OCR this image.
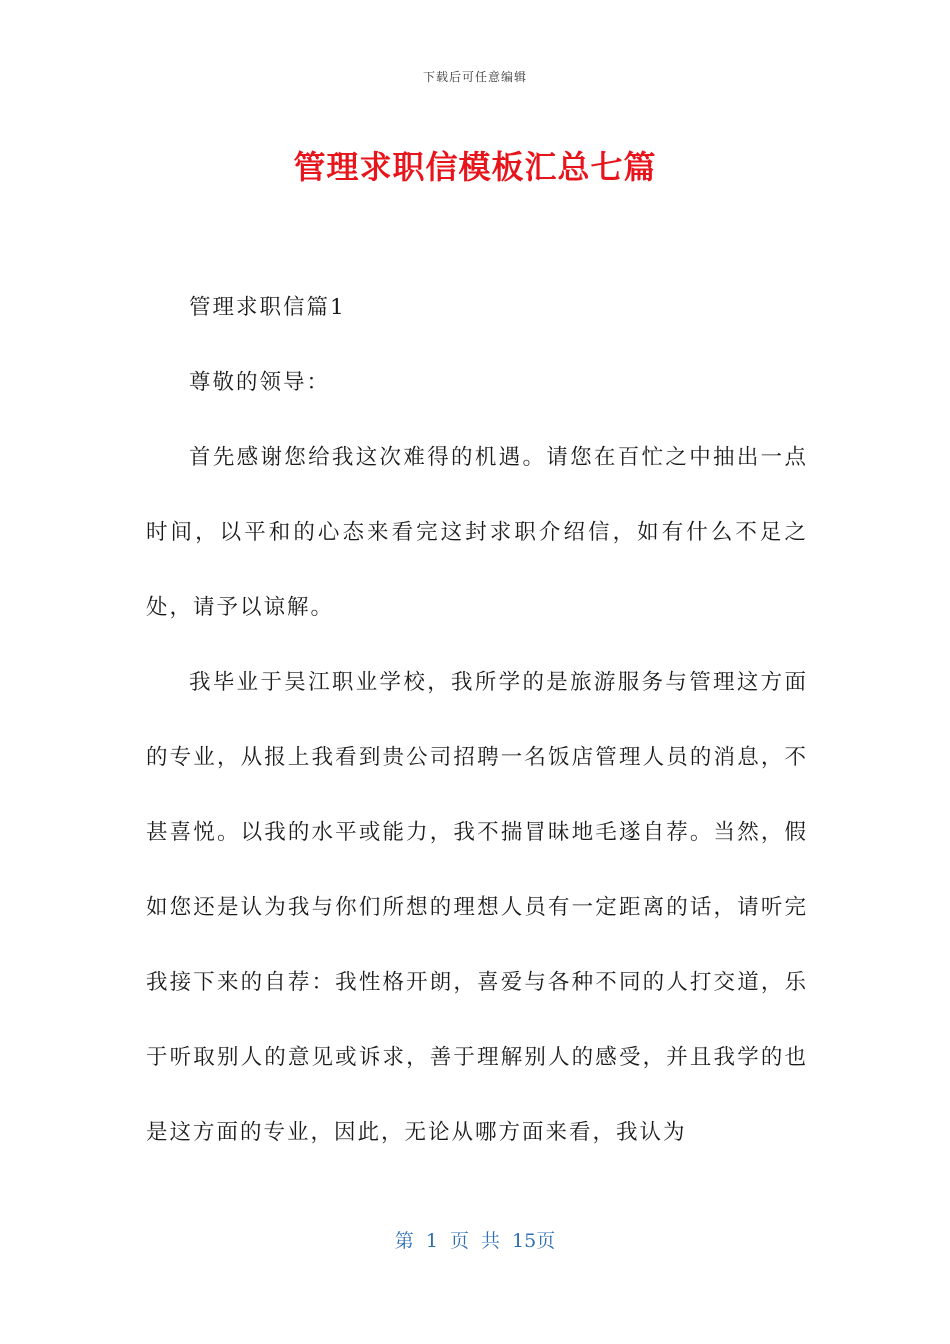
下载后可任意编辑
管理求职信模板汇总七篇

管理求职信篇1

尊敬的领导：

首先感谢您给我这次难得的机遇。请您在百忙之中抽出一点时间，以平和的心态来看完这封求职介绍信，如有什么不足之处，请予以谅解。

我毕业于吴江职业学校，我所学的是旅游服务与管理这方面的专业，从报上我看到贵公司招聘一名饭店管理人员的消息，不甚喜悦。以我的水平或能力，我不揣冒昧地毛遂自荐。当然，假如您还是认为我与你们所想的理想人员有一定距离的话，请听完我接下来的自荐：我性格开朗，喜爱与各种不同的人打交道，乐于听取别人的意见或诉求，善于理解别人的感受，并且我学的也是这方面的专业，因此，无论从哪方面来看，我认为

第 1 页 共 15页
